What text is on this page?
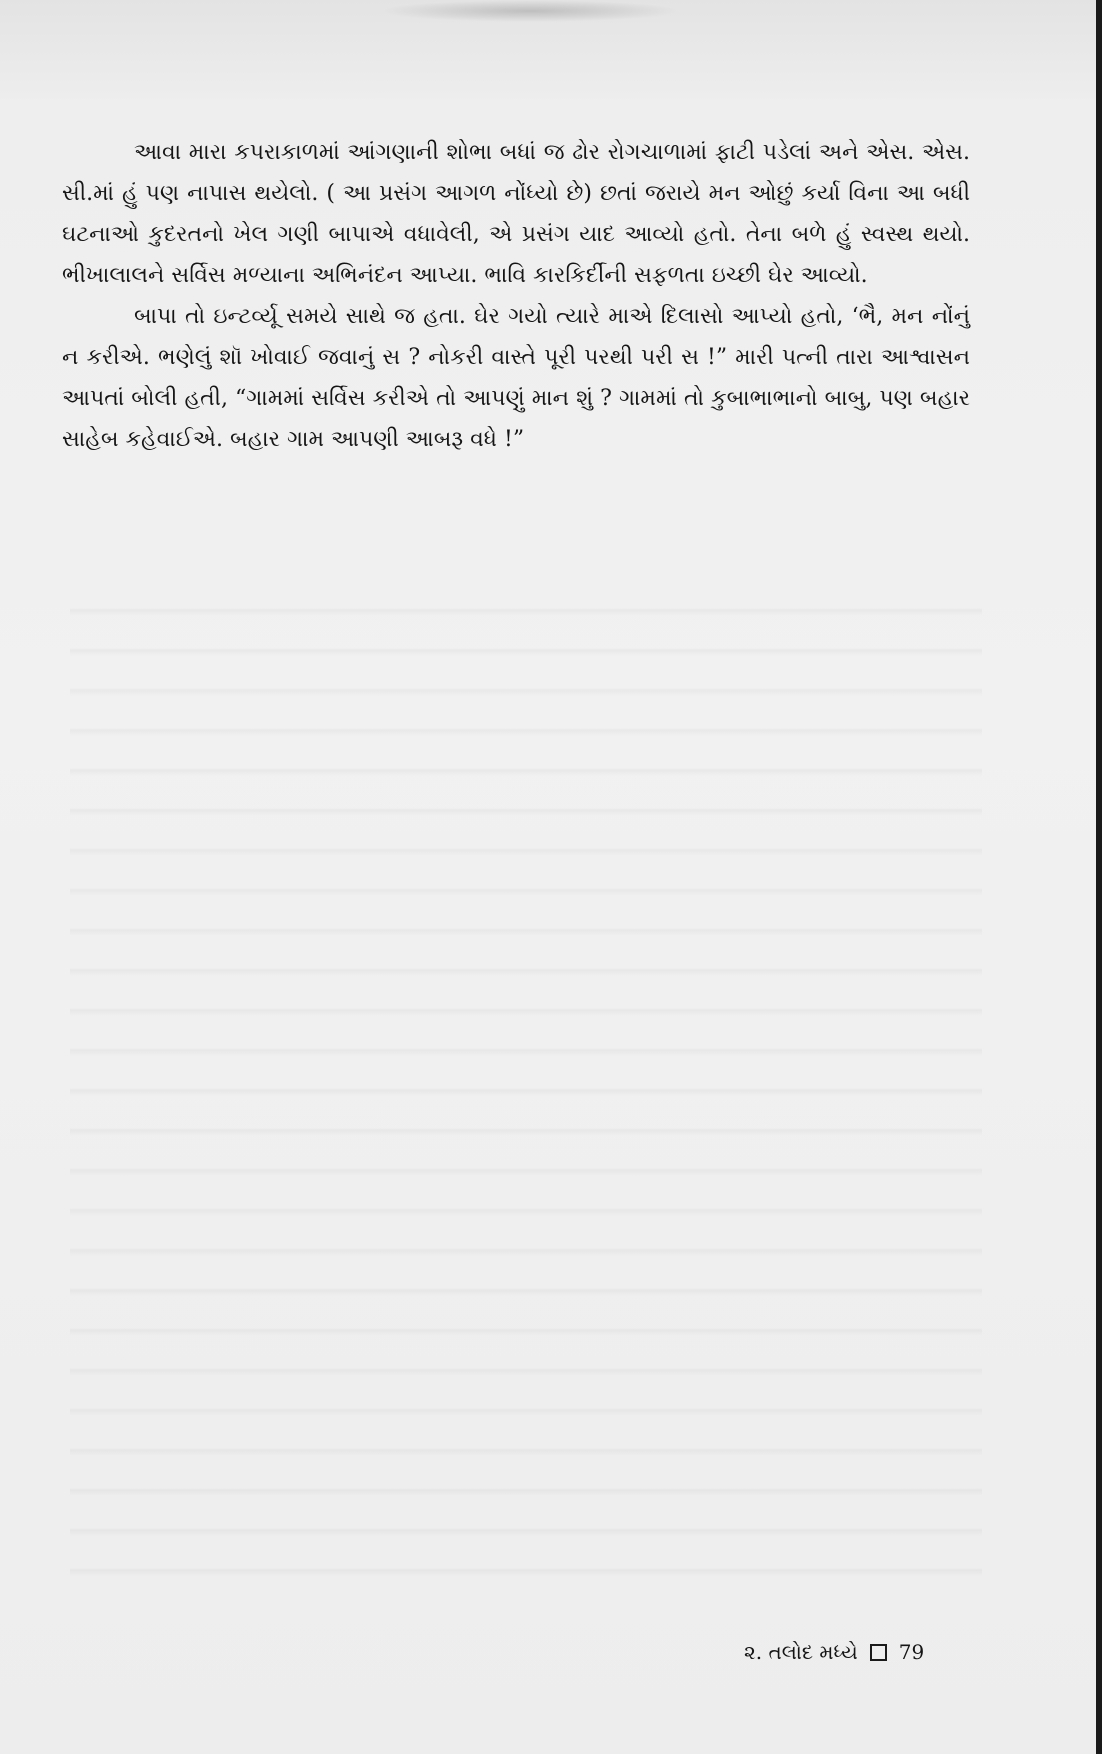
આવા મારા કપરાકાળમાં આંગણાની શોભા બધાં જ ઢોર રોગચાળામાં ફાટી પડેલાં અને એસ. એસ. સી.માં હું પણ નાપાસ થયેલો. ( આ પ્રસંગ આગળ નોંધ્યો છે) છતાં જરાયે મન ઓછું કર્યા વિના આ બધી ઘટનાઓ કુદરતનો ખેલ ગણી બાપાએ વધાવેલી, એ પ્રસંગ યાદ આવ્યો હતો. તેના બળે હું સ્વસ્થ થયો. ભીખાલાલને સર્વિસ મળ્યાના અભિનંદન આપ્યા. ભાવિ કારકિર્દીની સફળતા ઇચ્છી ઘેર આવ્યો.

બાપા તો ઇન્ટર્વ્યૂ સમયે સાથે જ હતા. ઘેર ગયો ત્યારે માએ દિલાસો આપ્યો હતો, ‘ભૈ, મન નોંનું ન કરીએ. ભણેલું શૉ ખોવાઈ જવાનું સ ? નોકરી વાસ્તે પૂરી પરથી પરી સ !” મારી પત્ની તારા આશ્વાસન આપતાં બોલી હતી, “ગામમાં સર્વિસ કરીએ તો આપણું માન શું ? ગામમાં તો કુબાભાભાનો બાબુ, પણ બહાર સાહેબ કહેવાઈએ. બહાર ગામ આપણી આબરૂ વધે !”

૨. તલોદ મધ્યે 79
